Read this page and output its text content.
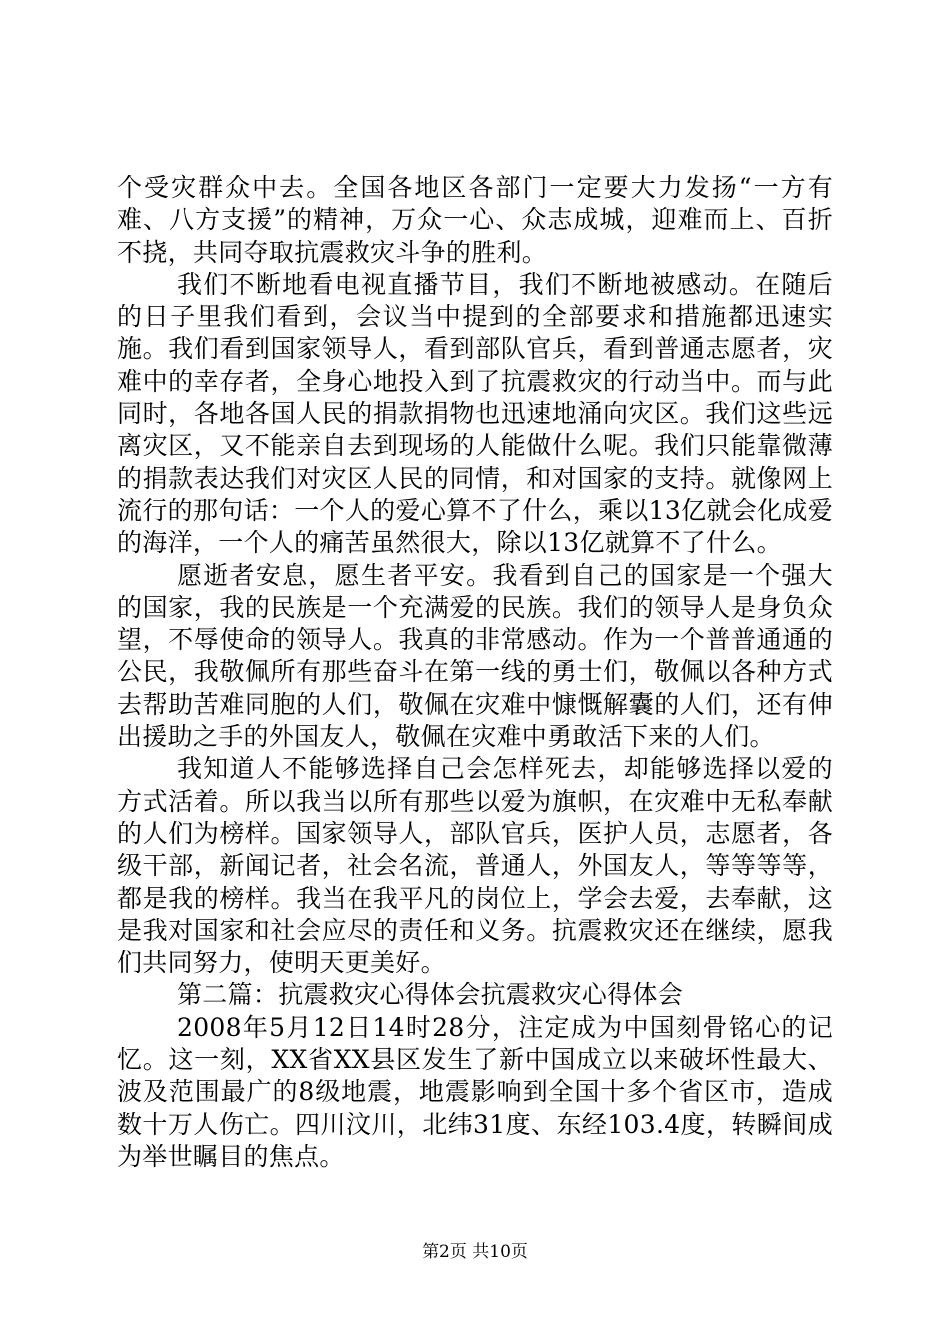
个受灾群众中去。全国各地区各部门一定要大力发扬“一方有难、八方支援”的精神，万众一心、众志成城，迎难而上、百折不挠，共同夺取抗震救灾斗争的胜利。

我们不断地看电视直播节目，我们不断地被感动。在随后的日子里我们看到，会议当中提到的全部要求和措施都迅速实施。我们看到国家领导人，看到部队官兵，看到普通志愿者，灾难中的幸存者，全身心地投入到了抗震救灾的行动当中。而与此同时，各地各国人民的捐款捐物也迅速地涌向灾区。我们这些远离灾区，又不能亲自去到现场的人能做什么呢。我们只能靠微薄的捐款表达我们对灾区人民的同情，和对国家的支持。就像网上流行的那句话：一个人的爱心算不了什么，乘以13亿就会化成爱的海洋，一个人的痛苦虽然很大，除以13亿就算不了什么。

愿逝者安息，愿生者平安。我看到自己的国家是一个强大的国家，我的民族是一个充满爱的民族。我们的领导人是身负众望，不辱使命的领导人。我真的非常感动。作为一个普普通通的公民，我敬佩所有那些奋斗在第一线的勇士们，敬佩以各种方式去帮助苦难同胞的人们，敬佩在灾难中慷慨解囊的人们，还有伸出援助之手的外国友人，敬佩在灾难中勇敢活下来的人们。

我知道人不能够选择自己会怎样死去，却能够选择以爱的方式活着。所以我当以所有那些以爱为旗帜，在灾难中无私奉献的人们为榜样。国家领导人，部队官兵，医护人员，志愿者，各级干部，新闻记者，社会名流，普通人，外国友人，等等等等，都是我的榜样。我当在我平凡的岗位上，学会去爱，去奉献，这是我对国家和社会应尽的责任和义务。抗震救灾还在继续，愿我们共同努力，使明天更美好。

第二篇：抗震救灾心得体会抗震救灾心得体会

2008年5月12日14时28分，注定成为中国刻骨铭心的记忆。这一刻，XX省XX县区发生了新中国成立以来破坏性最大、波及范围最广的8级地震，地震影响到全国十多个省区市，造成数十万人伤亡。四川汶川，北纬31度、东经103.4度，转瞬间成为举世瞩目的焦点。

第2页 共10页
